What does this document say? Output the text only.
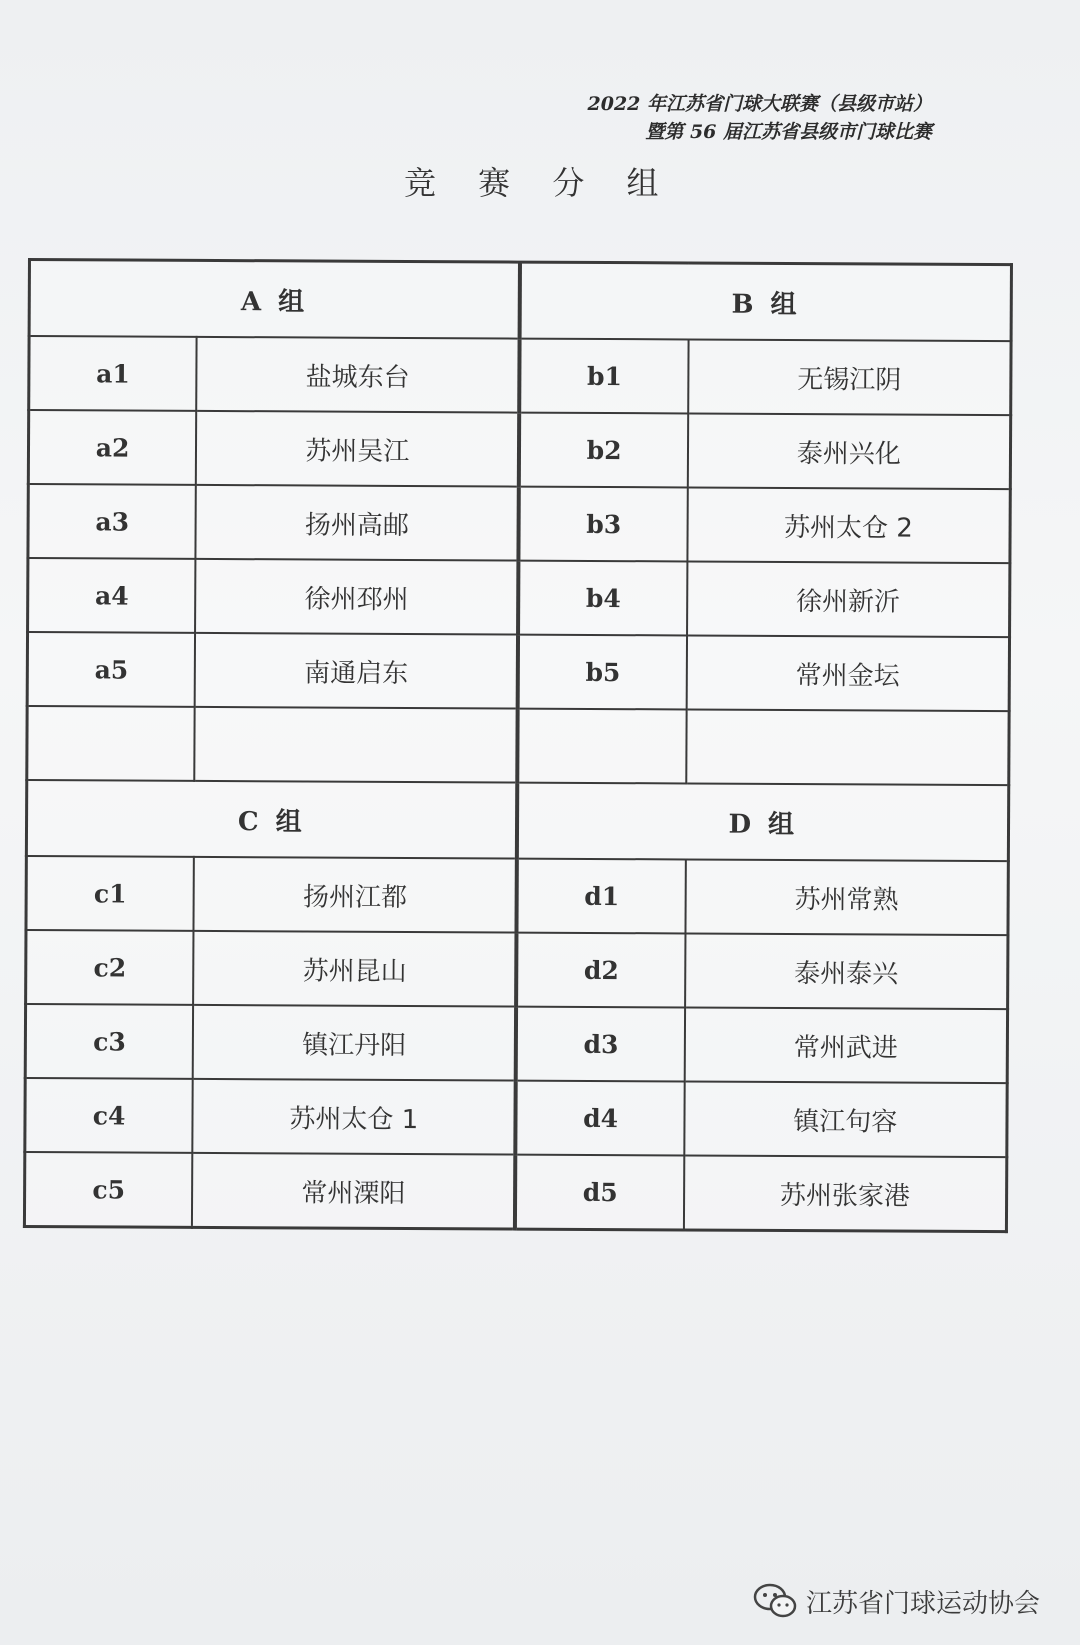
2022 年江苏省门球大联赛（县级市站）
暨第 56 届江苏省县级市门球比赛
竞 赛 分 组
A 组		B 组	
a1	盐城东台	b1	无锡江阴
a2	苏州吴江	b2	泰州兴化
a3	扬州高邮	b3	苏州太仓 2
a4	徐州邳州	b4	徐州新沂
a5	南通启东	b5	常州金坛

C 组		D 组	
c1	扬州江都	d1	苏州常熟
c2	苏州昆山	d2	泰州泰兴
c3	镇江丹阳	d3	常州武进
c4	苏州太仓 1	d4	镇江句容
c5	常州溧阳	d5	苏州张家港
江苏省门球运动协会
